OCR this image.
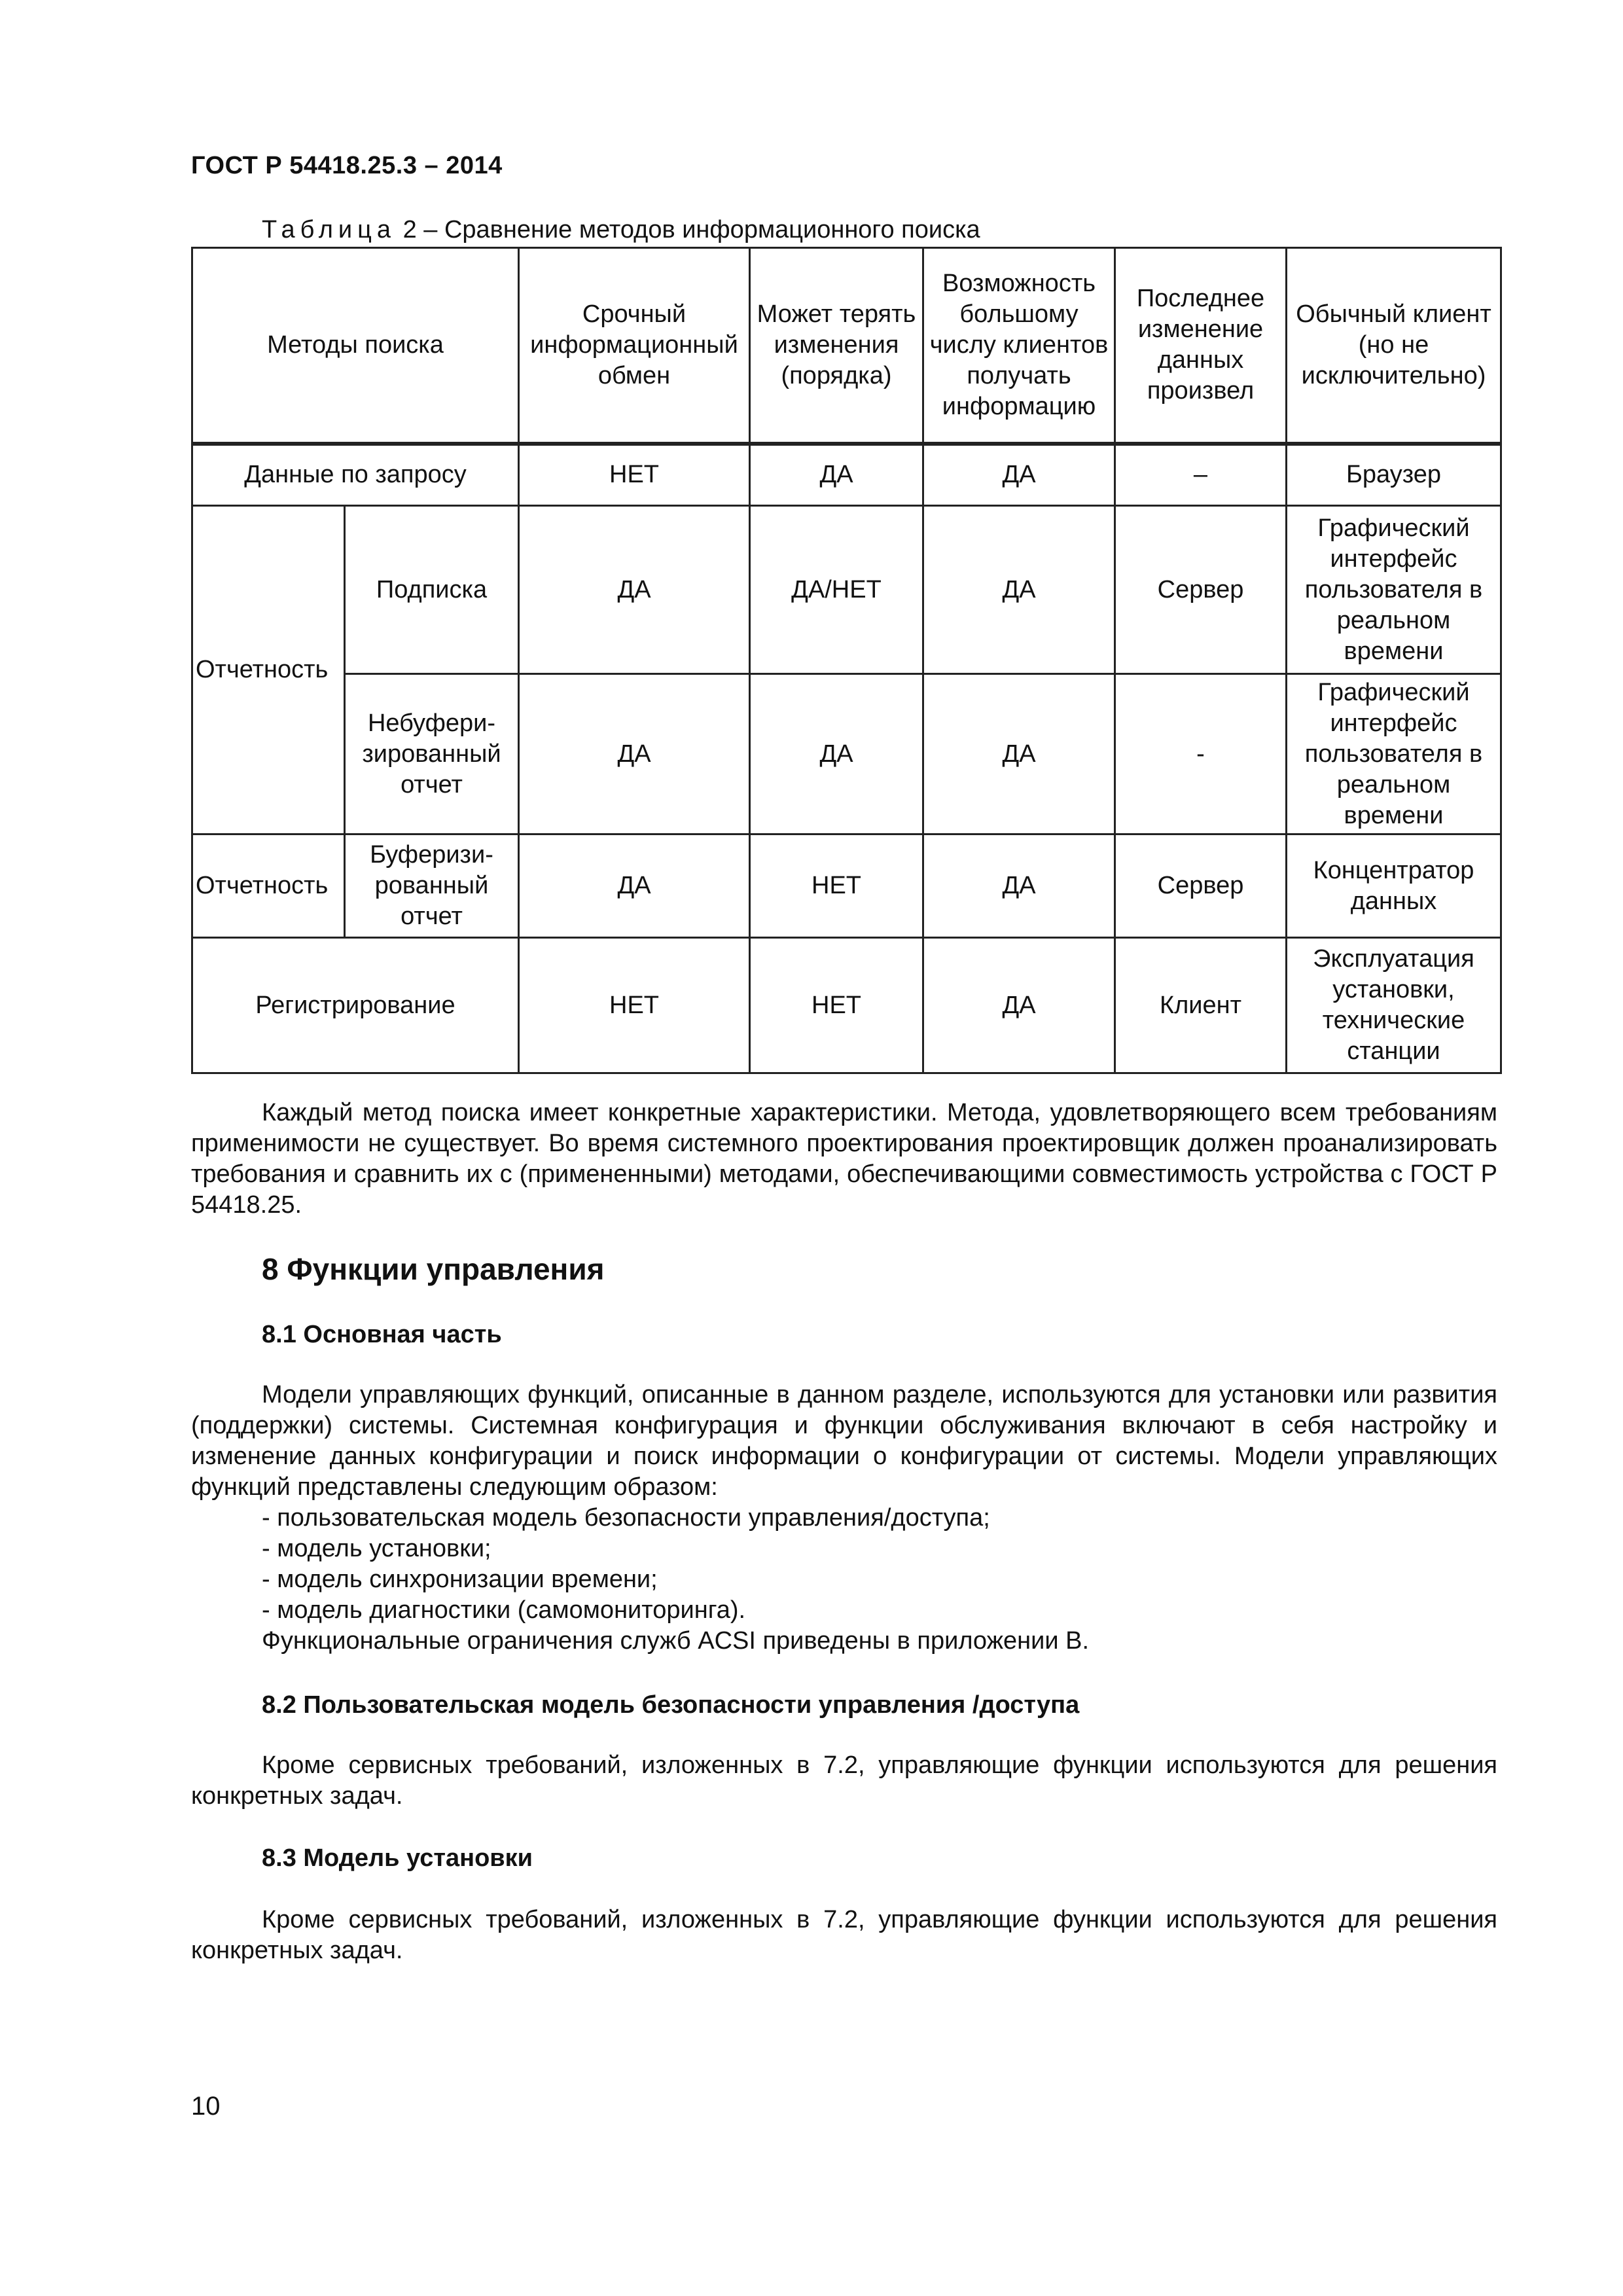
ГОСТ Р 54418.25.3 – 2014
Таблица 2 – Сравнение методов информационного поиска
Методы поиска		Срочный информационный обмен	Может терять изменения (порядка)	Возможность большому числу клиентов получать информацию	Последнее изменение данных произвел	Обычный клиент (но не исключительно)
Данные по запросу		НЕТ	ДА	ДА	–	Браузер
Отчетность	Подписка	ДА	ДА/НЕТ	ДА	Сервер	Графический интерфейс пользователя в реальном времени
	Небуфери-зированный отчет	ДА	ДА	ДА	-	Графический интерфейс пользователя в реальном времени
Отчетность	Буферизи-рованный отчет	ДА	НЕТ	ДА	Сервер	Концентратор данных
Регистрирование		НЕТ	НЕТ	ДА	Клиент	Эксплуатация установки, технические станции
Каждый метод поиска имеет конкретные характеристики. Метода, удовлетворяющего всем требованиям применимости не существует. Во время системного проектирования проектировщик должен проанализировать требования и сравнить их с (примененными) методами, обеспечивающими совместимость устройства с ГОСТ Р 54418.25.
8 Функции управления
8.1 Основная часть
Модели управляющих функций, описанные в данном разделе, используются для установки или развития (поддержки) системы. Системная конфигурация и функции обслуживания включают в себя настройку и изменение данных конфигурации и поиск информации о конфигурации от системы. Модели управляющих функций представлены следующим образом:
- пользовательская модель безопасности управления/доступа;
- модель установки;
- модель синхронизации времени;
- модель диагностики (самомониторинга).
Функциональные ограничения служб ACSI приведены в приложении В.
8.2 Пользовательская модель безопасности управления /доступа
Кроме сервисных требований, изложенных в 7.2, управляющие функции используются для решения конкретных задач.
8.3 Модель установки
Кроме сервисных требований, изложенных в 7.2, управляющие функции используются для решения конкретных задач.
10
